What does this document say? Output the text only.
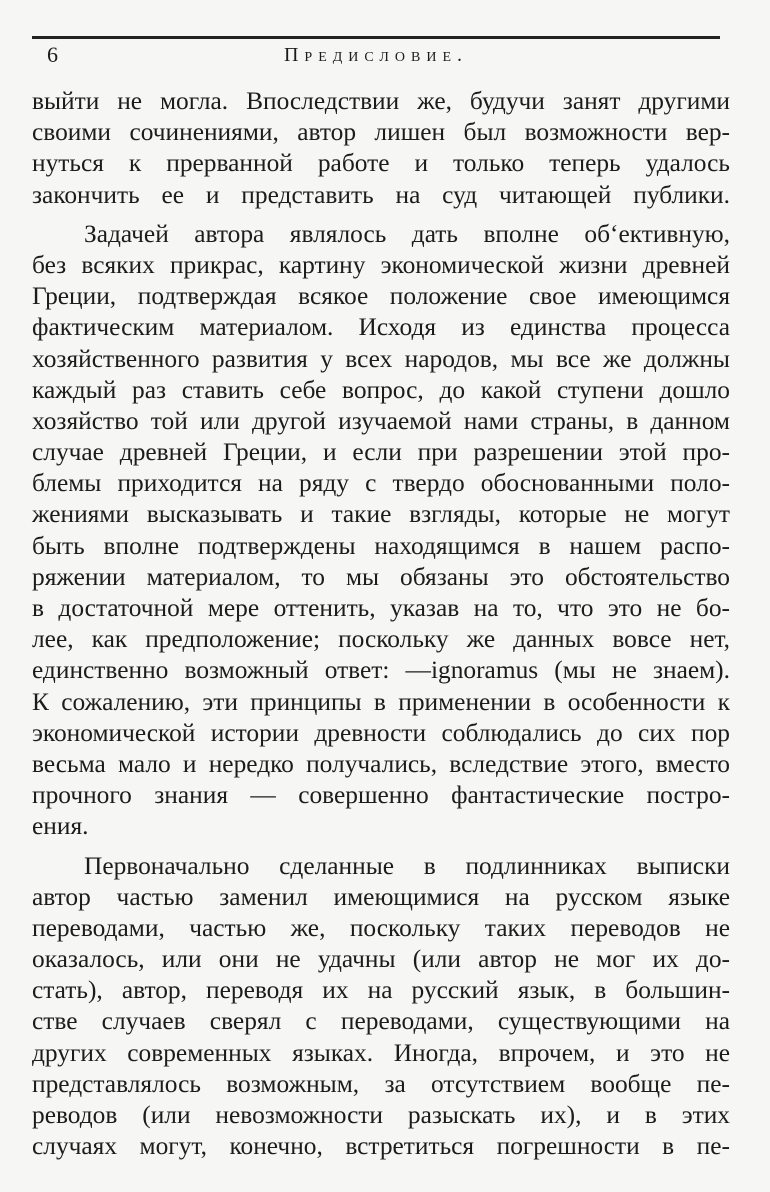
6	Предисловие.
выйти не могла. Впоследствии же, будучи занят другими
своими сочинениями, автор лишен был возможности вер-
нуться к прерванной работе и только теперь удалось
закончить ее и представить на суд читающей публики.
Задачей автора являлось дать вполне об‘ективную,
без всяких прикрас, картину экономической жизни древней
Греции, подтверждая всякое положение свое имеющимся
фактическим материалом. Исходя из единства процесса
хозяйственного развития у всех народов, мы все же должны
каждый раз ставить себе вопрос, до какой ступени дошло
хозяйство той или другой изучаемой нами страны, в данном
случае древней Греции, и если при разрешении этой про-
блемы приходится на ряду с твердо обоснованными поло-
жениями высказывать и такие взгляды, которые не могут
быть вполне подтверждены находящимся в нашем распо-
ряжении материалом, то мы обязаны это обстоятельство
в достаточной мере оттенить, указав на то, что это не бо-
лее, как предположение; поскольку же данных вовсе нет,
единственно возможный ответ: —ignoramus (мы не знаем).
К сожалению, эти принципы в применении в особенности к
экономической истории древности соблюдались до сих пор
весьма мало и нередко получались, вследствие этого, вместо
прочного знания — совершенно фантастические постро-
ения.
Первоначально сделанные в подлинниках выписки
автор частью заменил имеющимися на русском языке
переводами, частью же, поскольку таких переводов не
оказалось, или они не удачны (или автор не мог их до-
стать), автор, переводя их на русский язык, в большин-
стве случаев сверял с переводами, существующими на
других современных языках. Иногда, впрочем, и это не
представлялось возможным, за отсутствием вообще пе-
реводов (или невозможности разыскать их), и в этих
случаях могут, конечно, встретиться погрешности в пе-
